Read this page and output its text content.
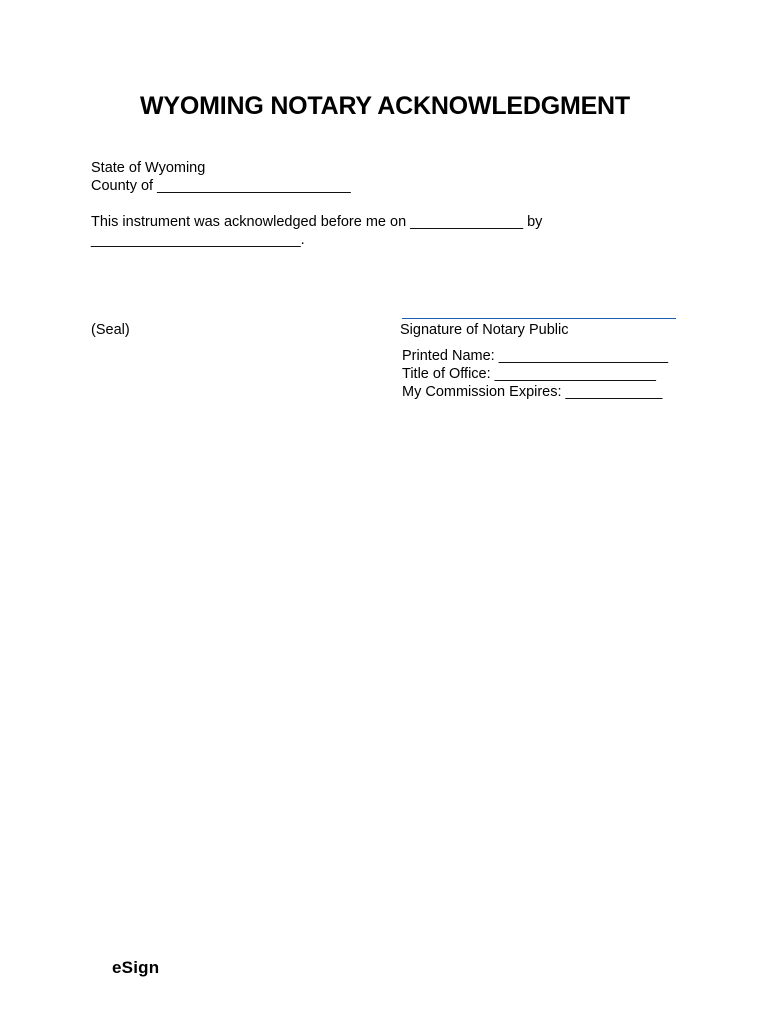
WYOMING NOTARY ACKNOWLEDGMENT
State of Wyoming
County of ________________________
This instrument was acknowledged before me on ______________ by
__________________________.
(Seal)	Signature of Notary Public
Printed Name: _____________________
Title of Office: ____________________
My Commission Expires: ____________
eSign
